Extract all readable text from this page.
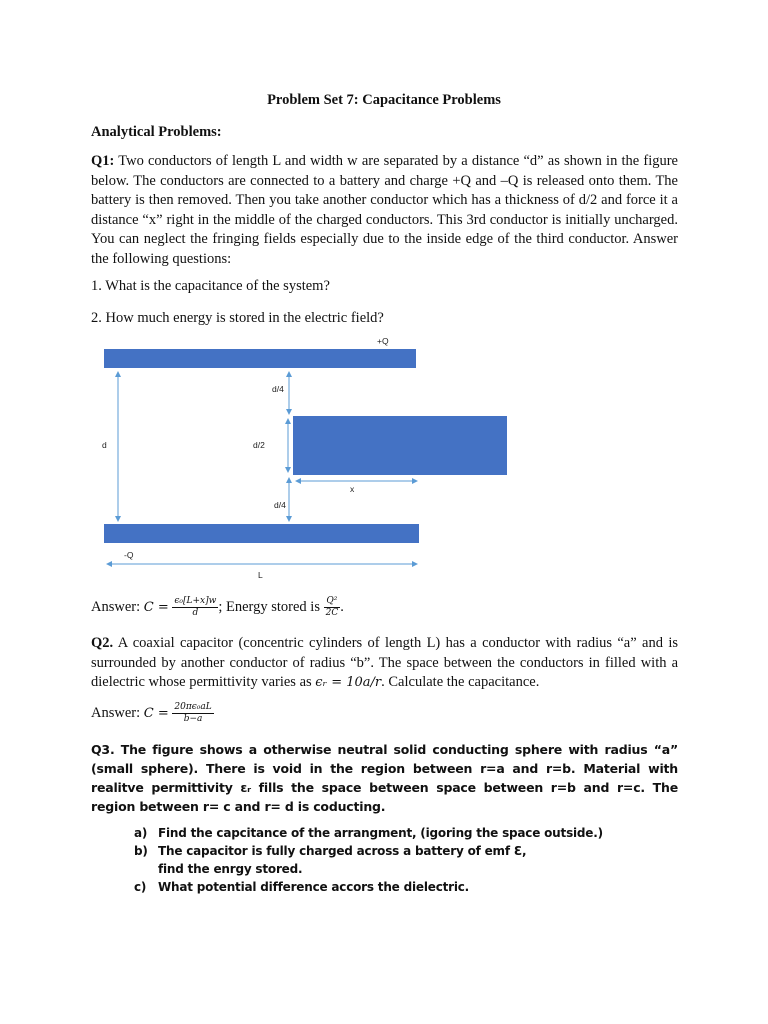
Problem Set 7: Capacitance Problems
Analytical Problems:
Q1: Two conductors of length L and width w are separated by a distance “d” as shown in the figure below. The conductors are connected to a battery and charge +Q and –Q is released onto them. The battery is then removed. Then you take another conductor which has a thickness of d/2 and force it a distance “x” right in the middle of the charged conductors. This 3rd conductor is initially uncharged. You can neglect the fringing fields especially due to the inside edge of the third conductor. Answer the following questions:
1. What is the capacitance of the system?
2. How much energy is stored in the electric field?
+Q
d/4
d	d/2
x
d/4
-Q
L
Answer: $C = \frac{\text{ϵ₀[L+x]w}}{d}$ ; Energy stored is $\frac{\text{Q²}}{2C}$ .
Q2. A coaxial capacitor (concentric cylinders of length L) has a conductor with radius “a” and is surrounded by another conductor of radius “b”. The space between the conductors in filled with a dielectric whose permittivity varies as ϵᵣ = 10a/r. Calculate the capacitance.
Answer: $C = \frac{\text{20πϵ₀aL}}{b-a}$
Q3. The figure shows a otherwise neutral solid conducting sphere with radius “a” (small sphere). There is void in the region between r=a and r=b. Material with realitve permittivity εᵣ fills the space between space between r=b and r=c. The region between r= c and r= d is coducting.
a) Find the capcitance of the arrangment, (igoring the space outside.)
b) The capacitor is fully charged across a battery of emf Ɛ,
find the enrgy stored.
c) What potential difference accors the dielectric.
